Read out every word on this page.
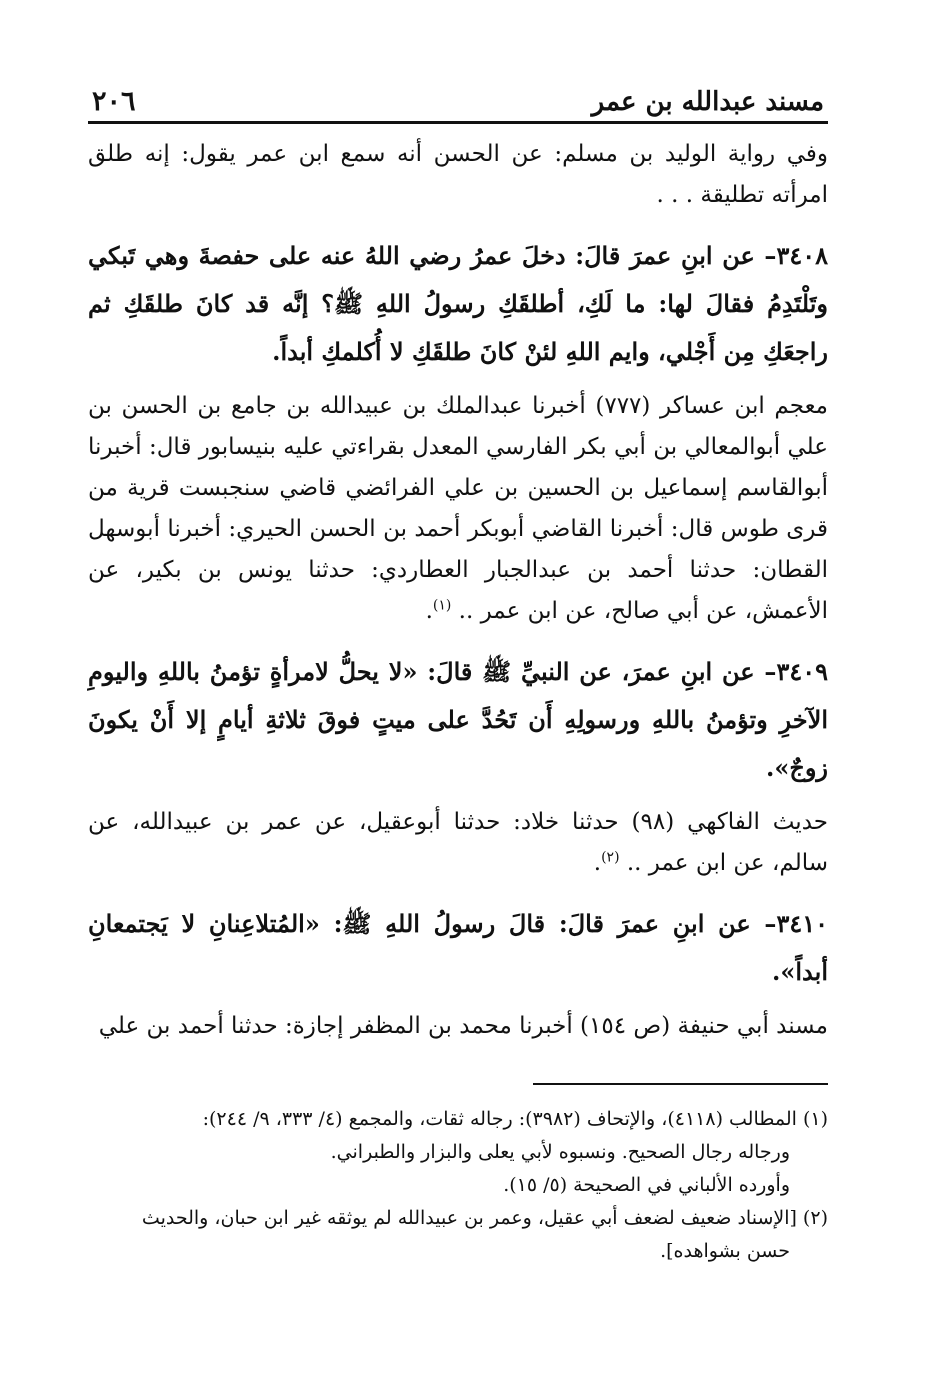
مسند عبدالله بن عمر
٢٠٦

وفي رواية الوليد بن مسلم: عن الحسن أنه سمع ابن عمر يقول: إنه طلق امرأته تطليقة . . .

٣٤٠٨– عن ابنِ عمرَ قالَ: دخلَ عمرُ رضي اللهُ عنه على حفصةَ وهي تَبكي وتَلْتَدِمُ فقالَ لها: ما لَكِ، أطلقَكِ رسولُ اللهِ ﷺ؟ إنَّه قد كانَ طلقَكِ ثم راجعَكِ مِن أَجْلي، وايم اللهِ لئنْ كانَ طلقَكِ لا أُكلمكِ أبداً.

معجم ابن عساكر (٧٧٧) أخبرنا عبدالملك بن عبيدالله بن جامع بن الحسن بن علي أبوالمعالي بن أبي بكر الفارسي المعدل بقراءتي عليه بنيسابور قال: أخبرنا أبوالقاسم إسماعيل بن الحسين بن علي الفرائضي قاضي سنجبست قرية من قرى طوس قال: أخبرنا القاضي أبوبكر أحمد بن الحسن الحيري: أخبرنا أبوسهل القطان: حدثنا أحمد بن عبدالجبار العطاردي: حدثنا يونس بن بكير، عن الأعمش، عن أبي صالح، عن ابن عمر .. $^{(١)}$.

٣٤٠٩– عن ابنِ عمرَ، عن النبيِّ ﷺ قالَ: «لا يحلُّ لامرأةٍ تؤمنُ باللهِ واليومِ الآخرِ وتؤمنُ باللهِ ورسولِهِ أَن تَحُدَّ على ميتٍ فوقَ ثلاثةِ أيامٍ إلا أَنْ يكونَ زوجٌ».

حديث الفاكهي (٩٨) حدثنا خلاد: حدثنا أبوعقيل، عن عمر بن عبيدالله، عن سالم، عن ابن عمر .. $^{(٢)}$.

٣٤١٠– عن ابنِ عمرَ قالَ: قالَ رسولُ اللهِ ﷺ: «المُتلاعِنانِ لا يَجتمعانِ أبداً».

مسند أبي حنيفة (ص ١٥٤) أخبرنا محمد بن المظفر إجازة: حدثنا أحمد بن علي

(١) المطالب (٤١١٨)، والإتحاف (٣٩٨٢): رجاله ثقات، والمجمع (٤/ ٣٣٣، ٩/ ٢٤٤):

ورجاله رجال الصحيح. ونسبوه لأبي يعلى والبزار والطبراني.

وأورده الألباني في الصحيحة (٥/ ١٥).

(٢) [الإسناد ضعيف لضعف أبي عقيل، وعمر بن عبيدالله لم يوثقه غير ابن حبان، والحديث

حسن بشواهده].
